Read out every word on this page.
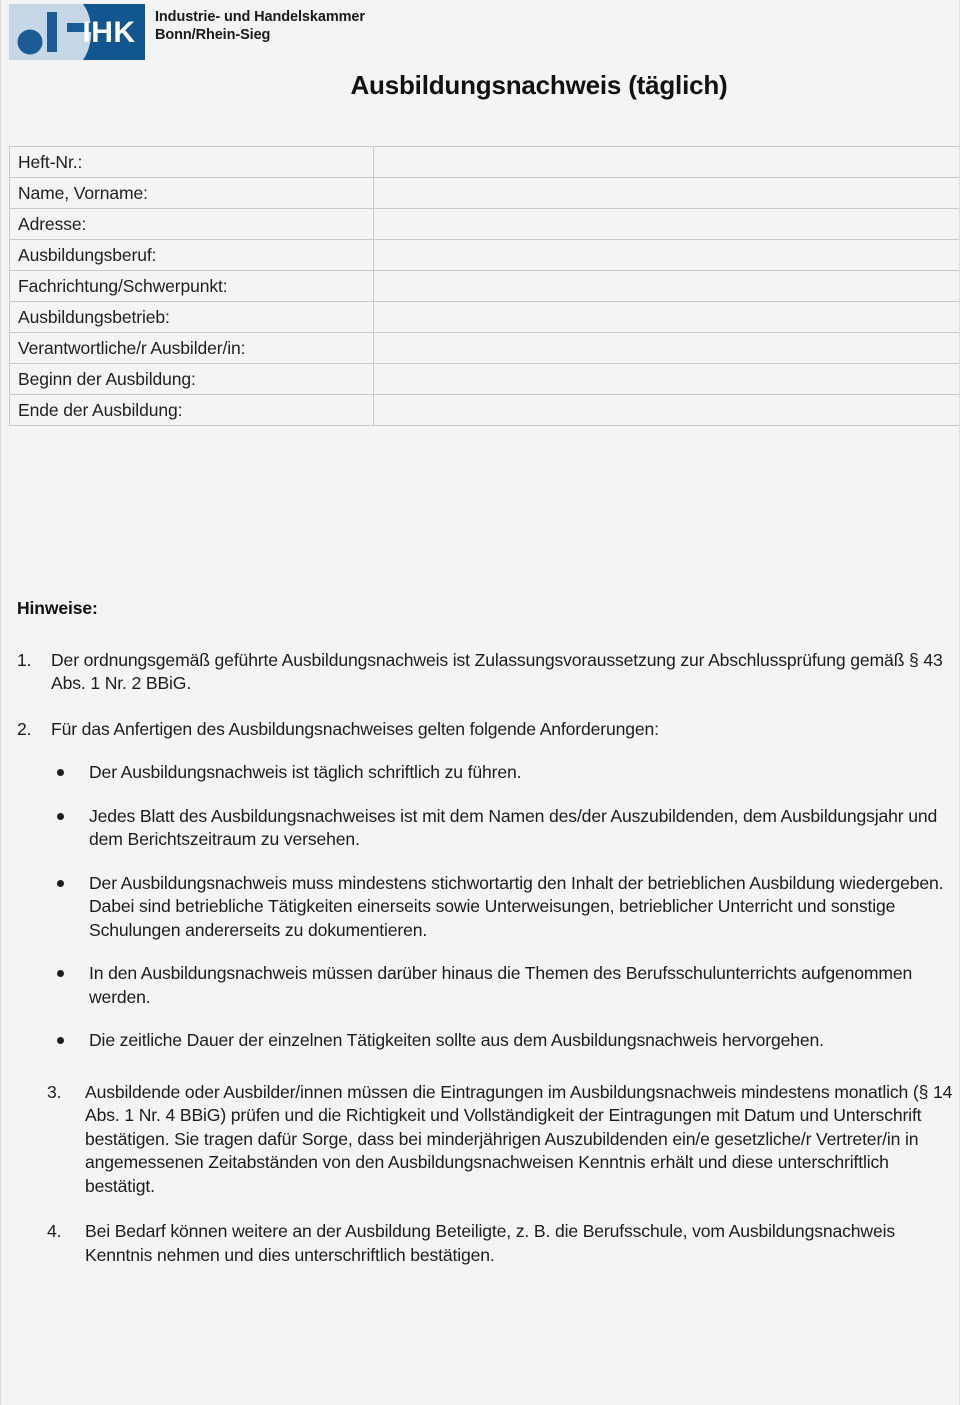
IHK Industrie- und Handelskammer
Bonn/Rhein-Sieg
Ausbildungsnachweis (täglich)
Heft-Nr.:	
Name, Vorname:	
Adresse:	
Ausbildungsberuf:	
Fachrichtung/Schwerpunkt:	
Ausbildungsbetrieb:	
Verantwortliche/r Ausbilder/in:	
Beginn der Ausbildung:	
Ende der Ausbildung:	
Hinweise:
1.	Der ordnungsgemäß geführte Ausbildungsnachweis ist Zulassungsvoraussetzung zur Abschlussprüfung gemäß § 43 Abs. 1 Nr. 2 BBiG.
2.	Für das Anfertigen des Ausbildungsnachweises gelten folgende Anforderungen:
Der Ausbildungsnachweis ist täglich schriftlich zu führen.
Jedes Blatt des Ausbildungsnachweises ist mit dem Namen des/der Auszubildenden, dem Ausbildungsjahr und dem Berichtszeitraum zu versehen.
Der Ausbildungsnachweis muss mindestens stichwortartig den Inhalt der betrieblichen Ausbildung wiedergeben. Dabei sind betriebliche Tätigkeiten einerseits sowie Unterweisungen, betrieblicher Unterricht und sonstige Schulungen andererseits zu dokumentieren.
In den Ausbildungsnachweis müssen darüber hinaus die Themen des Berufsschulunterrichts aufgenommen werden.
Die zeitliche Dauer der einzelnen Tätigkeiten sollte aus dem Ausbildungsnachweis hervorgehen.
3.	Ausbildende oder Ausbilder/innen müssen die Eintragungen im Ausbildungsnachweis mindestens monatlich (§ 14 Abs. 1 Nr. 4 BBiG) prüfen und die Richtigkeit und Vollständigkeit der Eintragungen mit Datum und Unterschrift bestätigen. Sie tragen dafür Sorge, dass bei minderjährigen Auszubildenden ein/e gesetzliche/r Vertreter/in in angemessenen Zeitabständen von den Ausbildungsnachweisen Kenntnis erhält und diese unterschriftlich bestätigt.
4.	Bei Bedarf können weitere an der Ausbildung Beteiligte, z. B. die Berufsschule, vom Ausbildungsnachweis Kenntnis nehmen und dies unterschriftlich bestätigen.
